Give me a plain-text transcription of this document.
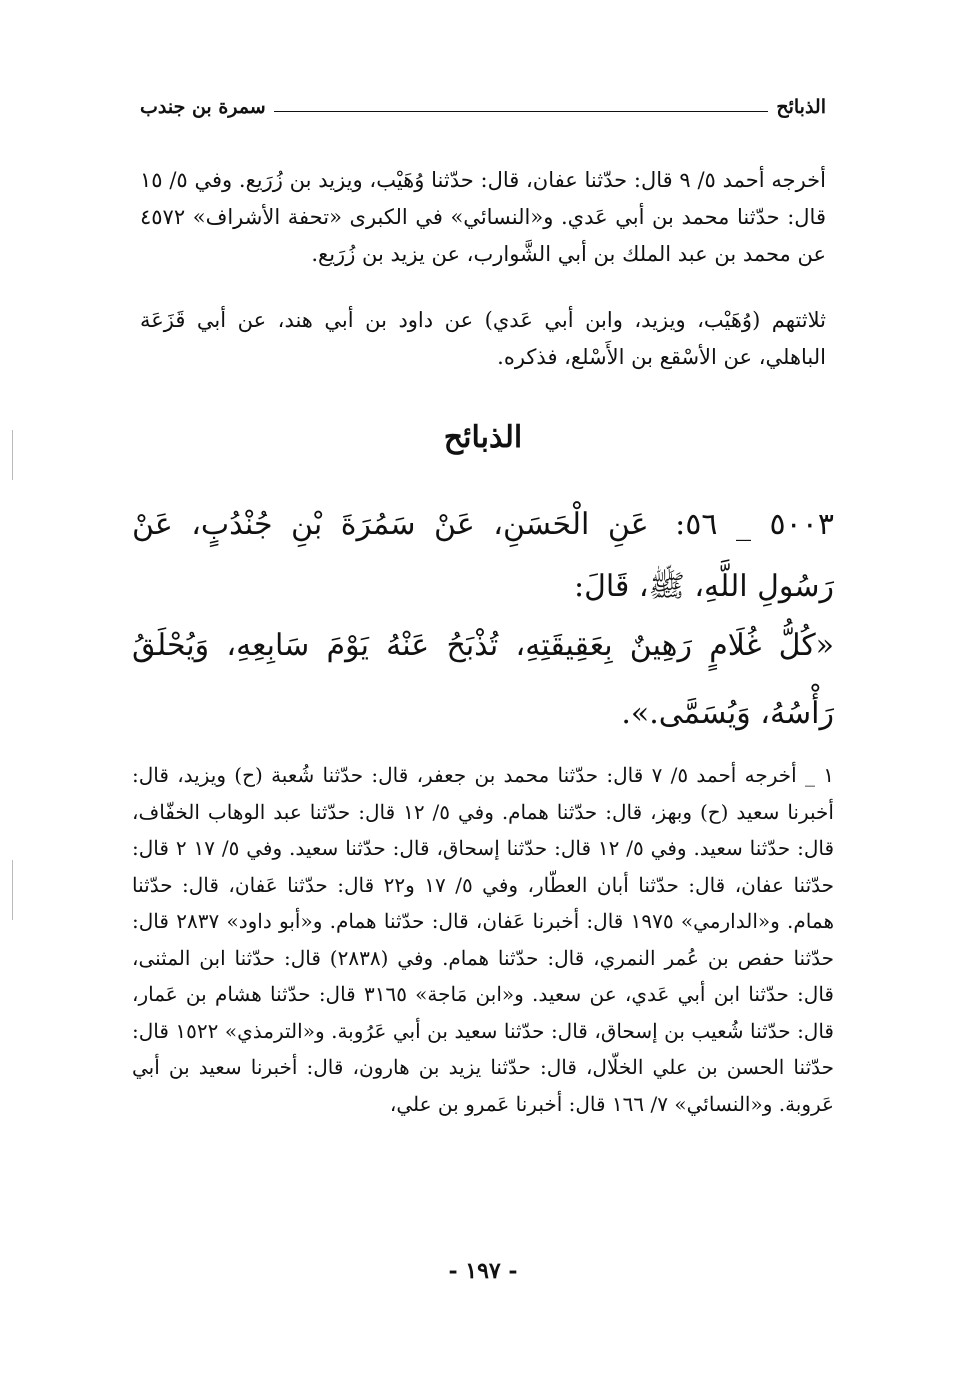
الذبائح
سمرة بن جندب
أخرجه أحمد ٥/ ٩ قال: حدّثنا عفان، قال: حدّثنا وُهَيْب، ويزيد بن زُرَيع. وفي ٥/ ١٥ قال: حدّثنا محمد بن أبي عَدي. و«النسائي» في الكبرى «تحفة الأشراف» ٤٥٧٢ عن محمد بن عبد الملك بن أبي الشَّوارب، عن يزيد بن زُرَيع.
ثلاثتهم (وُهَيْب، ويزيد، وابن أبي عَدي) عن داود بن أبي هند، عن أبي قَزَعَة الباهلي، عن الأسْقع بن الأَسْلع، فذكره.
الذبائح
٥٠٠٣ _ ٥٦: عَنِ الْحَسَنِ، عَنْ سَمُرَةَ بْنِ جُنْدُبٍ، عَنْ رَسُولِ اللَّهِ، ﷺ، قَالَ:
«كُلُّ غُلَامٍ رَهِينٌ بِعَقِيقَتِهِ، تُذْبَحُ عَنْهُ يَوْمَ سَابِعِهِ، وَيُحْلَقُ رَأْسُهُ، وَيُسَمَّى.».
١ _ أخرجه أحمد ٥/ ٧ قال: حدّثنا محمد بن جعفر، قال: حدّثنا شُعبة (ح) ويزيد، قال: أخبرنا سعيد (ح) وبهز، قال: حدّثنا همام. وفي ٥/ ١٢ قال: حدّثنا عبد الوهاب الخفّاف، قال: حدّثنا سعيد. وفي ٥/ ١٢ قال: حدّثنا إسحاق، قال: حدّثنا سعيد. وفي ٥/ ١٧ ٢ قال: حدّثنا عفان، قال: حدّثنا أبان العطّار، وفي ٥/ ١٧ و٢٢ قال: حدّثنا عَفان، قال: حدّثنا همام. و«الدارمي» ١٩٧٥ قال: أخبرنا عَفان، قال: حدّثنا همام. و«أبو داود» ٢٨٣٧ قال: حدّثنا حفص بن عُمر النمري، قال: حدّثنا همام. وفي (٢٨٣٨) قال: حدّثنا ابن المثنى، قال: حدّثنا ابن أبي عَدي، عن سعيد. و«ابن مَاجة» ٣١٦٥ قال: حدّثنا هشام بن عَمار، قال: حدّثنا شُعيب بن إسحاق، قال: حدّثنا سعيد بن أبي عَرُوبة. و«الترمذي» ١٥٢٢ قال: حدّثنا الحسن بن علي الخلّال، قال: حدّثنا يزيد بن هارون، قال: أخبرنا سعيد بن أبي عَروبة. و«النسائي» ٧/ ١٦٦ قال: أخبرنا عَمرو بن علي،
- ١٩٧ -
